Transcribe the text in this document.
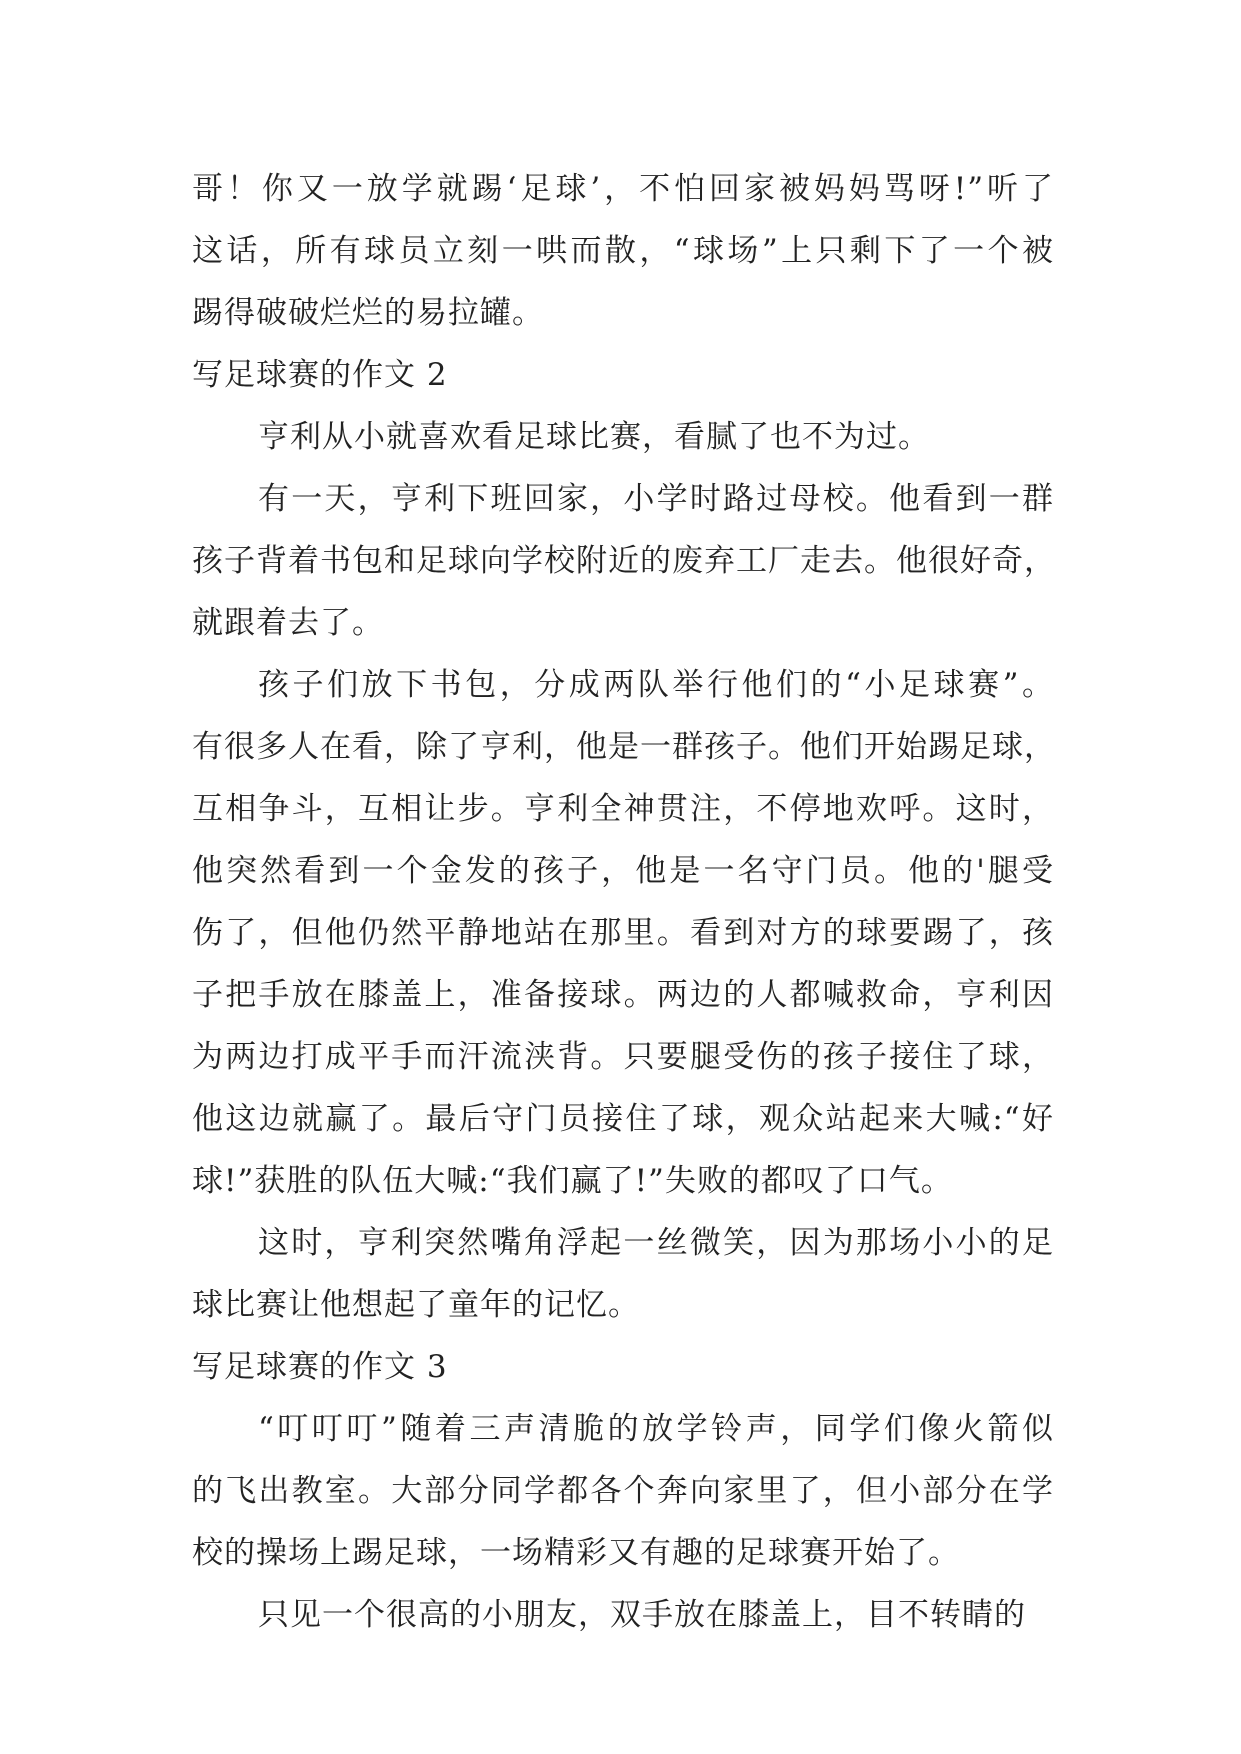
哥！你又一放学就踢‘足球’，不怕回家被妈妈骂呀!”听了
这话，所有球员立刻一哄而散，“球场”上只剩下了一个被
踢得破破烂烂的易拉罐。
写足球赛的作文 2
亨利从小就喜欢看足球比赛，看腻了也不为过。
有一天，亨利下班回家，小学时路过母校。他看到一群
孩子背着书包和足球向学校附近的废弃工厂走去。他很好奇，
就跟着去了。
孩子们放下书包，分成两队举行他们的“小足球赛”。
有很多人在看，除了亨利，他是一群孩子。他们开始踢足球，
互相争斗，互相让步。亨利全神贯注，不停地欢呼。这时，
他突然看到一个金发的孩子，他是一名守门员。他的'腿受
伤了，但他仍然平静地站在那里。看到对方的球要踢了，孩
子把手放在膝盖上，准备接球。两边的人都喊救命，亨利因
为两边打成平手而汗流浃背。只要腿受伤的孩子接住了球，
他这边就赢了。最后守门员接住了球，观众站起来大喊:“好
球!”获胜的队伍大喊:“我们赢了!”失败的都叹了口气。
这时，亨利突然嘴角浮起一丝微笑，因为那场小小的足
球比赛让他想起了童年的记忆。
写足球赛的作文 3
“叮叮叮”随着三声清脆的放学铃声，同学们像火箭似
的飞出教室。大部分同学都各个奔向家里了，但小部分在学
校的操场上踢足球，一场精彩又有趣的足球赛开始了。
只见一个很高的小朋友，双手放在膝盖上，目不转睛的
